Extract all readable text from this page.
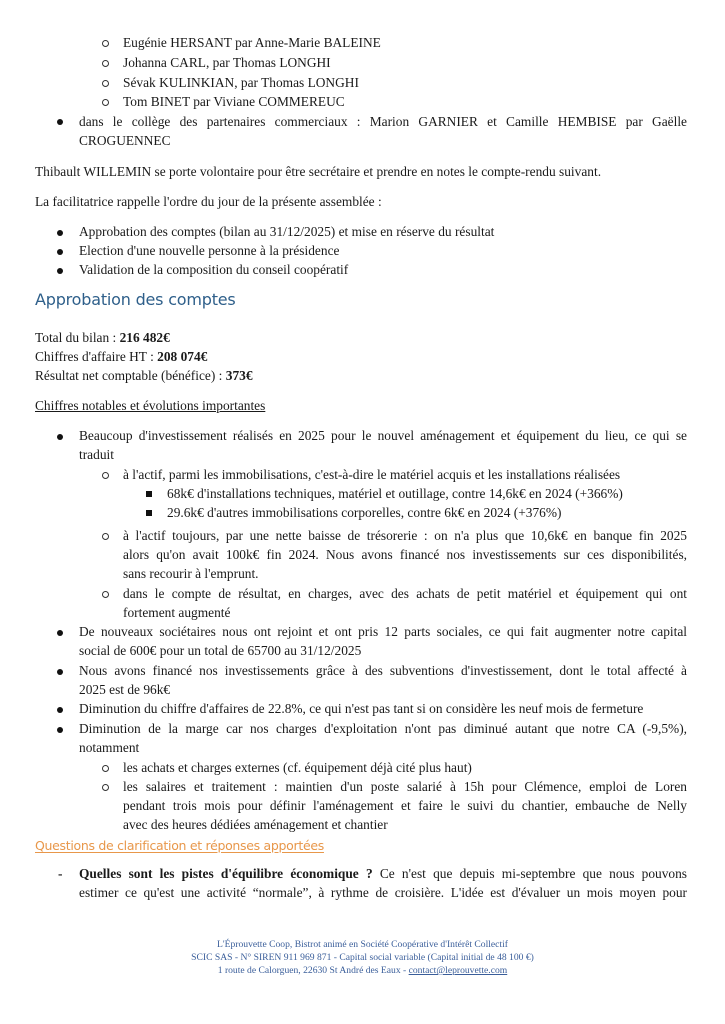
Eugénie HERSANT par Anne-Marie BALEINE
Johanna CARL, par Thomas LONGHI
Sévak KULINKIAN, par Thomas LONGHI
Tom BINET par Viviane COMMEREUC
dans le collège des partenaires commerciaux : Marion GARNIER et Camille HEMBISE par Gaëlle
CROGUENNEC

Thibault WILLEMIN se porte volontaire pour être secrétaire et prendre en notes le compte-rendu suivant.

La facilitatrice rappelle l'ordre du jour de la présente assemblée :

Approbation des comptes (bilan au 31/12/2025) et mise en réserve du résultat
Election d'une nouvelle personne à la présidence
Validation de la composition du conseil coopératif
Approbation des comptes
Total du bilan : 216 482€
Chiffres d'affaire HT : 208 074€
Résultat net comptable (bénéfice) : 373€
Chiffres notables et évolutions importantes
Beaucoup d'investissement réalisés en 2025 pour le nouvel aménagement et équipement du lieu, ce qui se
traduit
à l'actif, parmi les immobilisations, c'est-à-dire le matériel acquis et les installations réalisées
68k€ d'installations techniques, matériel et outillage, contre 14,6k€ en 2024 (+366%)
29.6k€ d'autres immobilisations corporelles, contre 6k€ en 2024 (+376%)
à l'actif toujours, par une nette baisse de trésorerie : on n'a plus que 10,6k€ en banque fin 2025
alors qu'on avait 100k€ fin 2024. Nous avons financé nos investissements sur ces disponibilités,
sans recourir à l'emprunt.
dans le compte de résultat, en charges, avec des achats de petit matériel et équipement qui ont
fortement augmenté
De nouveaux sociétaires nous ont rejoint et ont pris 12 parts sociales, ce qui fait augmenter notre capital
social de 600€ pour un total de 65700 au 31/12/2025
Nous avons financé nos investissements grâce à des subventions d'investissement, dont le total affecté à
2025 est de 96k€
Diminution du chiffre d'affaires de 22.8%, ce qui n'est pas tant si on considère les neuf mois de fermeture
Diminution de la marge car nos charges d'exploitation n'ont pas diminué autant que notre CA (-9,5%),
notamment
les achats et charges externes (cf. équipement déjà cité plus haut)
les salaires et traitement : maintien d'un poste salarié à 15h pour Clémence, emploi de Loren
pendant trois mois pour définir l'aménagement et faire le suivi du chantier, embauche de Nelly
avec des heures dédiées aménagement et chantier
Questions de clarification et réponses apportées
- Quelles sont les pistes d'équilibre économique ? Ce n'est que depuis mi-septembre que nous pouvons
estimer ce qu'est une activité “normale”, à rythme de croisière. L'idée est d'évaluer un mois moyen pour
L'Éprouvette Coop, Bistrot animé en Société Coopérative d'Intérêt Collectif
SCIC SAS - N° SIREN 911 969 871 - Capital social variable (Capital initial de 48 100 €)
1 route de Calorguen, 22630 St André des Eaux - contact@leprouvette.com
